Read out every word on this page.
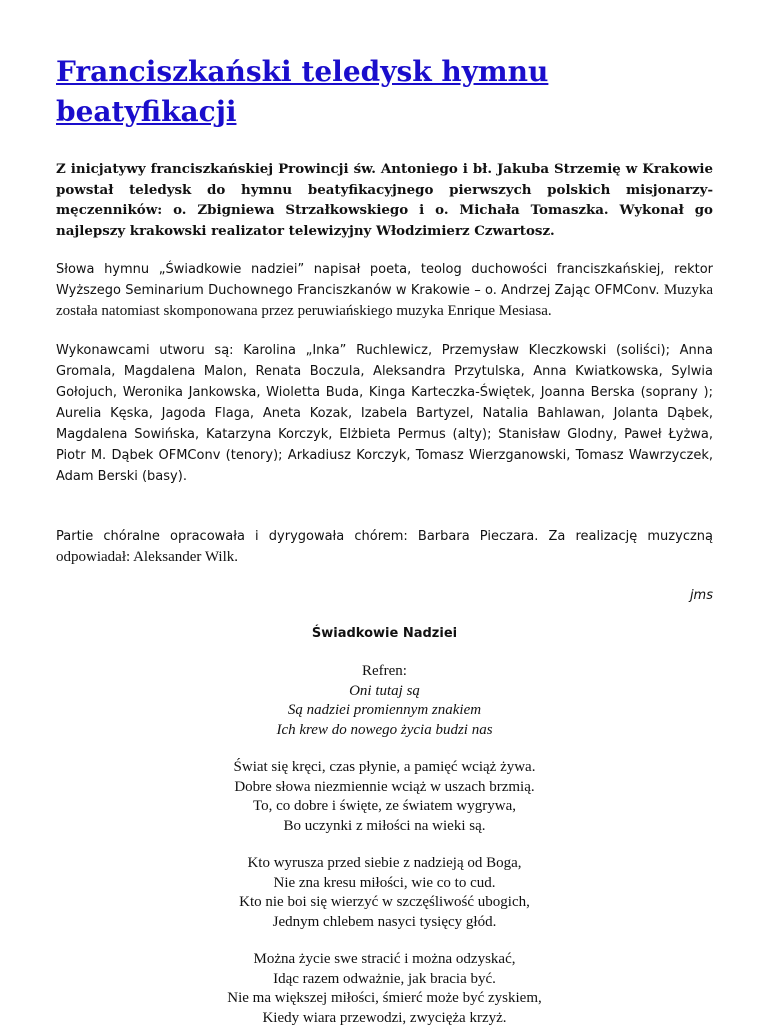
Franciszkański teledysk hymnu beatyfikacji

Z inicjatywy franciszkańskiej Prowincji św. Antoniego i bł. Jakuba Strzemię w Krakowie powstał teledysk do hymnu beatyfikacyjnego pierwszych polskich misjonarzy-męczenników: o. Zbigniewa Strzałkowskiego i o. Michała Tomaszka. Wykonał go najlepszy krakowski realizator telewizyjny Włodzimierz Czwartosz.

Słowa hymnu „Świadkowie nadziei” napisał poeta, teolog duchowości franciszkańskiej, rektor Wyższego Seminarium Duchownego Franciszkanów w Krakowie – o. Andrzej Zając OFMConv. Muzyka została natomiast skomponowana przez peruwiańskiego muzyka Enrique Mesiasa.

Wykonawcami utworu są: Karolina „Inka” Ruchlewicz, Przemysław Kleczkowski (soliści); Anna Gromala, Magdalena Malon, Renata Boczula, Aleksandra Przytulska, Anna Kwiatkowska, Sylwia Gołojuch, Weronika Jankowska, Wioletta Buda, Kinga Karteczka-Świętek, Joanna Berska (soprany ); Aurelia Kęska, Jagoda Flaga, Aneta Kozak, Izabela Bartyzel, Natalia Bahlawan, Jolanta Dąbek, Magdalena Sowińska, Katarzyna Korczyk, Elżbieta Permus (alty); Stanisław Glodny, Paweł Łyżwa, Piotr M. Dąbek OFMConv (tenory); Arkadiusz Korczyk, Tomasz Wierzganowski, Tomasz Wawrzyczek, Adam Berski (basy).

Partie chóralne opracowała i dyrygowała chórem: Barbara Pieczara. Za realizację muzyczną odpowiadał: Aleksander Wilk.

jms
Świadkowie Nadziei
Refren:
Oni tutaj są
Są nadziei promiennym znakiem
Ich krew do nowego życia budzi nas
Świat się kręci, czas płynie, a pamięć wciąż żywa.
Dobre słowa niezmiennie wciąż w uszach brzmią.
To, co dobre i święte, ze światem wygrywa,
Bo uczynki z miłości na wieki są.
Kto wyrusza przed siebie z nadzieją od Boga,
Nie zna kresu miłości, wie co to cud.
Kto nie boi się wierzyć w szczęśliwość ubogich,
Jednym chlebem nasyci tysięcy głód.
Można życie swe stracić i można odzyskać,
Idąc razem odważnie, jak bracia być.
Nie ma większej miłości, śmierć może być zyskiem,
Kiedy wiara przewodzi, zwycięża krzyż.
